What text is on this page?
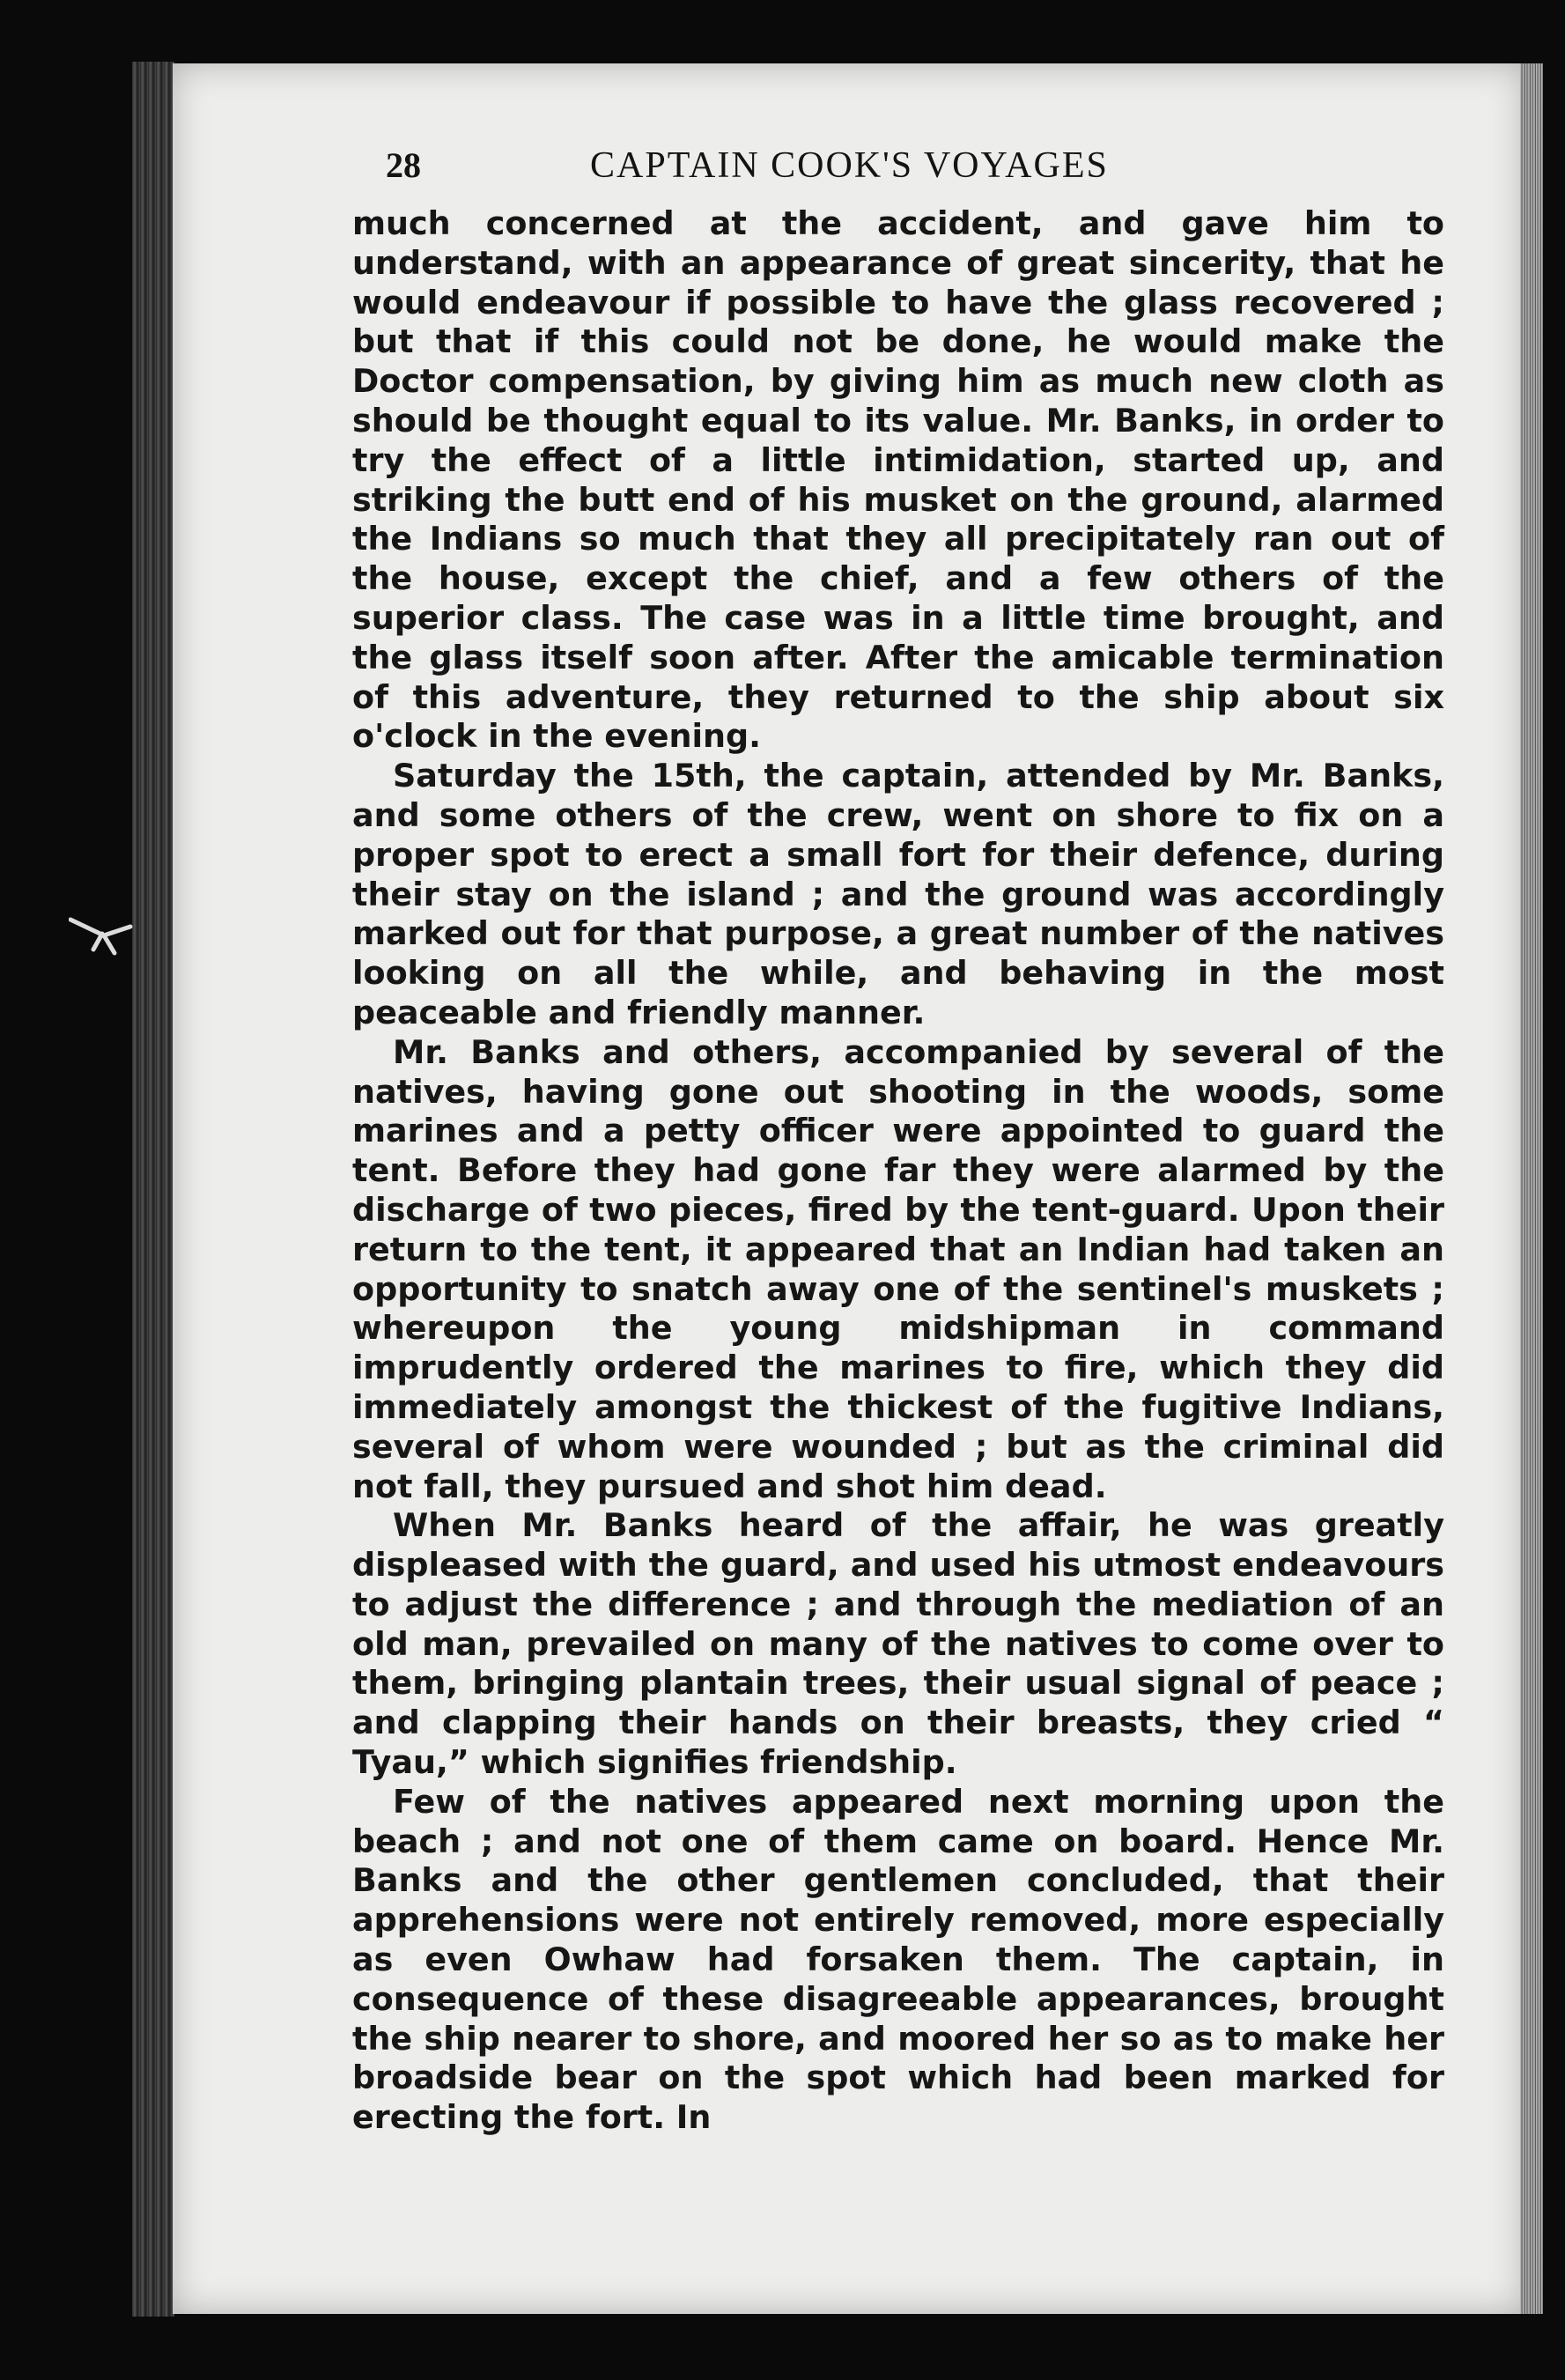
28	CAPTAIN COOK'S VOYAGES

much concerned at the accident, and gave him to understand, with an appearance of great sincerity, that he would endeavour if possible to have the glass recovered ; but that if this could not be done, he would make the Doctor compensation, by giving him as much new cloth as should be thought equal to its value. Mr. Banks, in order to try the effect of a little intimidation, started up, and striking the butt end of his musket on the ground, alarmed the Indians so much that they all precipitately ran out of the house, except the chief, and a few others of the superior class. The case was in a little time brought, and the glass itself soon after. After the amicable termination of this adventure, they returned to the ship about six o'clock in the evening.

Saturday the 15th, the captain, attended by Mr. Banks, and some others of the crew, went on shore to fix on a proper spot to erect a small fort for their defence, during their stay on the island ; and the ground was accordingly marked out for that purpose, a great number of the natives looking on all the while, and behaving in the most peaceable and friendly manner.

Mr. Banks and others, accompanied by several of the natives, having gone out shooting in the woods, some marines and a petty officer were appointed to guard the tent. Before they had gone far they were alarmed by the discharge of two pieces, fired by the tent-guard. Upon their return to the tent, it appeared that an Indian had taken an opportunity to snatch away one of the sentinel's muskets ; whereupon the young midshipman in command imprudently ordered the marines to fire, which they did immediately amongst the thickest of the fugitive Indians, several of whom were wounded ; but as the criminal did not fall, they pursued and shot him dead.

When Mr. Banks heard of the affair, he was greatly displeased with the guard, and used his utmost endeavours to adjust the difference ; and through the mediation of an old man, prevailed on many of the natives to come over to them, bringing plantain trees, their usual signal of peace ; and clapping their hands on their breasts, they cried “ Tyau,” which signifies friendship.

Few of the natives appeared next morning upon the beach ; and not one of them came on board. Hence Mr. Banks and the other gentlemen concluded, that their apprehensions were not entirely removed, more especially as even Owhaw had forsaken them. The captain, in consequence of these disagreeable appearances, brought the ship nearer to shore, and moored her so as to make her broadside bear on the spot which had been marked for erecting the fort. In
